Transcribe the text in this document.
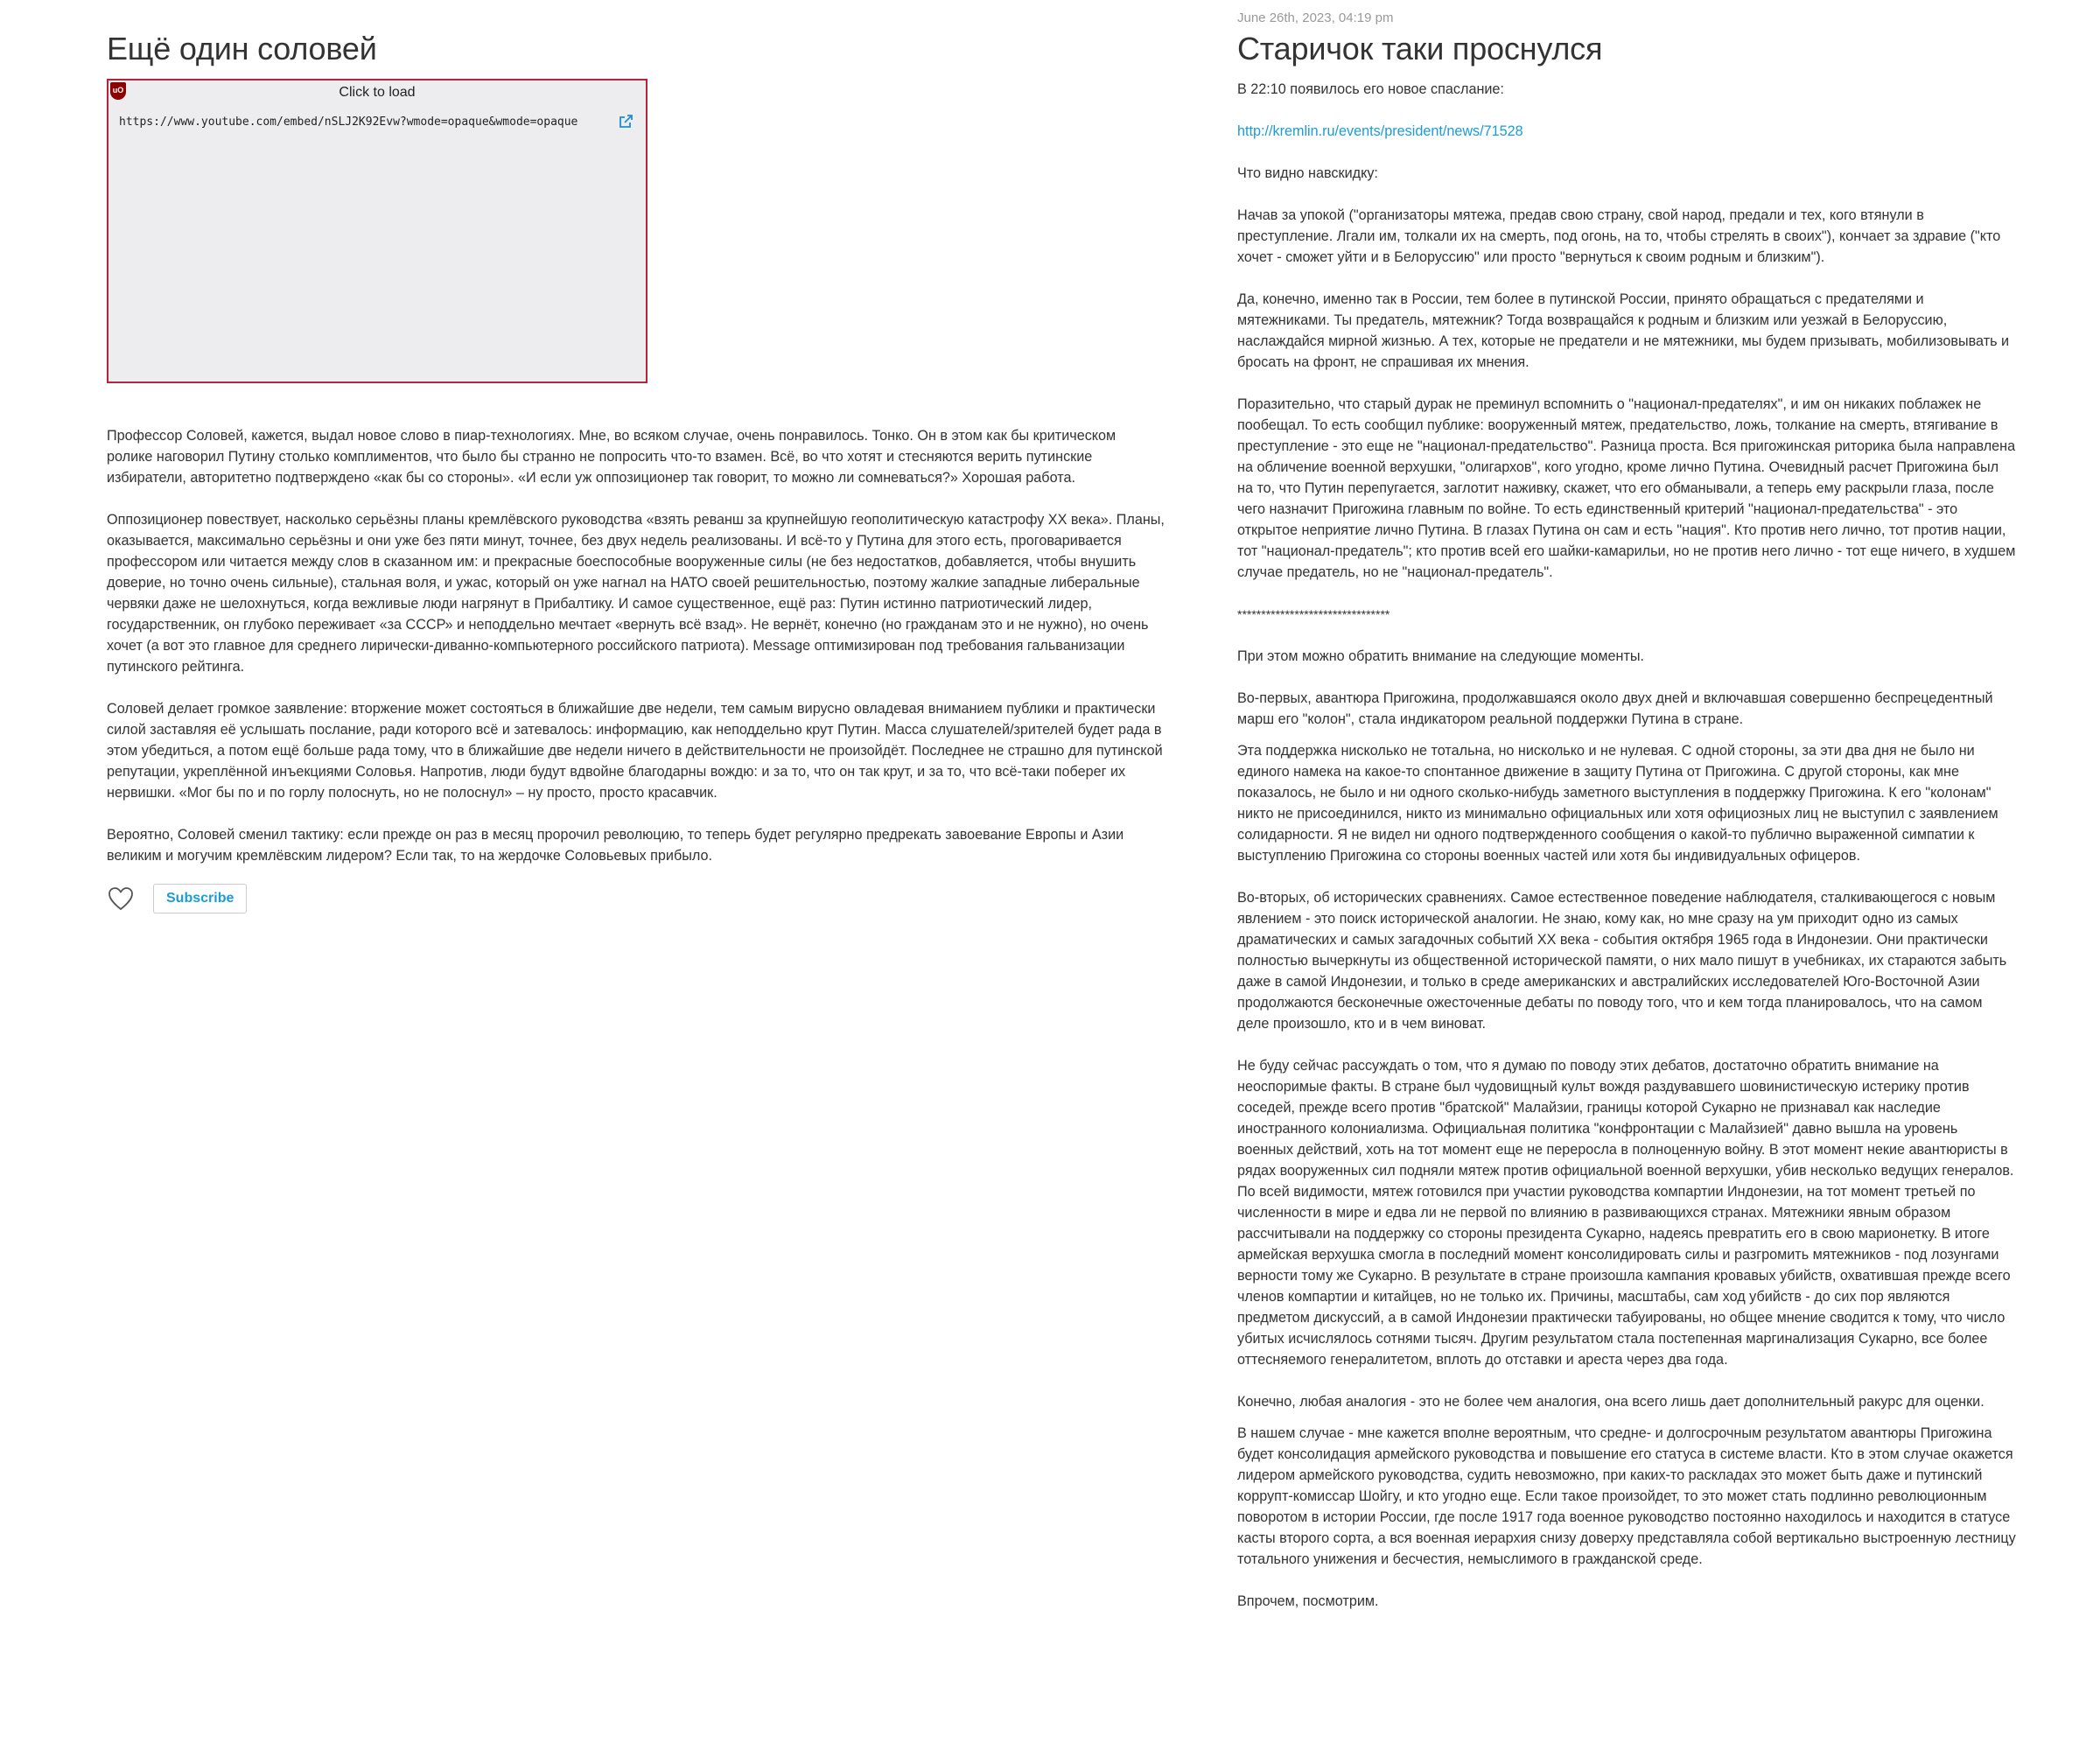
Ещё один соловей
uO	Click to load
https://www.youtube.com/embed/nSLJ2K92Evw?wmode=opaque&wmode=opaque

Профессор Соловей, кажется, выдал новое слово в пиар-технологиях. Мне, во всяком случае, очень понравилось. Тонко. Он в этом как бы критическом ролике наговорил Путину столько комплиментов, что было бы странно не попросить что-то взамен. Всё, во что хотят и стесняются верить путинские избиратели, авторитетно подтверждено «как бы со стороны». «И если уж оппозиционер так говорит, то можно ли сомневаться?» Хорошая работа.

Оппозиционер повествует, насколько серьёзны планы кремлёвского руководства «взять реванш за крупнейшую геополитическую катастрофу XX века». Планы, оказывается, максимально серьёзны и они уже без пяти минут, точнее, без двух недель реализованы. И всё-то у Путина для этого есть, проговаривается профессором или читается между слов в сказанном им: и прекрасные боеспособные вооруженные силы (не без недостатков, добавляется, чтобы внушить доверие, но точно очень сильные), стальная воля, и ужас, который он уже нагнал на НАТО своей решительностью, поэтому жалкие западные либеральные червяки даже не шелохнуться, когда вежливые люди нагрянут в Прибалтику. И самое существенное, ещё раз: Путин истинно патриотический лидер, государственник, он глубоко переживает «за СССР» и неподдельно мечтает «вернуть всё взад». Не вернёт, конечно (но гражданам это и не нужно), но очень хочет (а вот это главное для среднего лирически-диванно-компьютерного российского патриота). Message оптимизирован под требования гальванизации путинского рейтинга.

Соловей делает громкое заявление: вторжение может состояться в ближайшие две недели, тем самым вирусно овладевая вниманием публики и практически силой заставляя её услышать послание, ради которого всё и затевалось: информацию, как неподдельно крут Путин. Масса слушателей/зрителей будет рада в этом убедиться, а потом ещё больше рада тому, что в ближайшие две недели ничего в действительности не произойдёт. Последнее не страшно для путинской репутации, укреплённой инъекциями Соловья. Напротив, люди будут вдвойне благодарны вождю: и за то, что он так крут, и за то, что всё-таки поберег их нервишки. «Мог бы по и по горлу полоснуть, но не полоснул» – ну просто, просто красавчик.

Вероятно, Соловей сменил тактику: если прежде он раз в месяц пророчил революцию, то теперь будет регулярно предрекать завоевание Европы и Азии великим и могучим кремлёвским лидером? Если так, то на жердочке Соловьевых прибыло.

Subscribe
June 26th, 2023, 04:19 pm
Старичок таки проснулся

В 22:10 появилось его новое спаслание:

http://kremlin.ru/events/president/news/71528

Что видно навскидку:

Начав за упокой ("организаторы мятежа, предав свою страну, свой народ, предали и тех, кого втянули в преступление. Лгали им, толкали их на смерть, под огонь, на то, чтобы стрелять в своих"), кончает за здравие ("кто хочет - сможет уйти и в Белоруссию" или просто "вернуться к своим родным и близким").

Да, конечно, именно так в России, тем более в путинской России, принято обращаться с предателями и мятежниками. Ты предатель, мятежник? Тогда возвращайся к родным и близким или уезжай в Белоруссию, наслаждайся мирной жизнью. А тех, которые не предатели и не мятежники, мы будем призывать, мобилизовывать и бросать на фронт, не спрашивая их мнения.

Поразительно, что старый дурак не преминул вспомнить о "национал-предателях", и им он никаких поблажек не пообещал. То есть сообщил публике: вооруженный мятеж, предательство, ложь, толкание на смерть, втягивание в преступление - это еще не "национал-предательство". Разница проста. Вся пригожинская риторика была направлена на обличение военной верхушки, "олигархов", кого угодно, кроме лично Путина. Очевидный расчет Пригожина был на то, что Путин перепугается, заглотит наживку, скажет, что его обманывали, а теперь ему раскрыли глаза, после чего назначит Пригожина главным по войне. То есть единственный критерий "национал-предательства" - это открытое неприятие лично Путина. В глазах Путина он сам и есть "нация". Кто против него лично, тот против нации, тот "национал-предатель"; кто против всей его шайки-камарильи, но не против него лично - тот еще ничего, в худшем случае предатель, но не "национал-предатель".

********************************

При этом можно обратить внимание на следующие моменты.

Во-первых, авантюра Пригожина, продолжавшаяся около двух дней и включавшая совершенно беспрецедентный марш его "колон", стала индикатором реальной поддержки Путина в стране.

Эта поддержка нисколько не тотальна, но нисколько и не нулевая. С одной стороны, за эти два дня не было ни единого намека на какое-то спонтанное движение в защиту Путина от Пригожина. С другой стороны, как мне показалось, не было и ни одного сколько-нибудь заметного выступления в поддержку Пригожина. К его "колонам" никто не присоединился, никто из минимально официальных или хотя официозных лиц не выступил с заявлением солидарности. Я не видел ни одного подтвержденного сообщения о какой-то публично выраженной симпатии к выступлению Пригожина со стороны военных частей или хотя бы индивидуальных офицеров.

Во-вторых, об исторических сравнениях. Самое естественное поведение наблюдателя, сталкивающегося с новым явлением - это поиск исторической аналогии. Не знаю, кому как, но мне сразу на ум приходит одно из самых драматических и самых загадочных событий XX века - события октября 1965 года в Индонезии. Они практически полностью вычеркнуты из общественной исторической памяти, о них мало пишут в учебниках, их стараются забыть даже в самой Индонезии, и только в среде американских и австралийских исследователей Юго-Восточной Азии продолжаются бесконечные ожесточенные дебаты по поводу того, что и кем тогда планировалось, что на самом деле произошло, кто и в чем виноват.

Не буду сейчас рассуждать о том, что я думаю по поводу этих дебатов, достаточно обратить внимание на неоспоримые факты. В стране был чудовищный культ вождя раздувавшего шовинистическую истерику против соседей, прежде всего против "братской" Малайзии, границы которой Сукарно не признавал как наследие иностранного колониализма. Официальная политика "конфронтации с Малайзией" давно вышла на уровень военных действий, хоть на тот момент еще не переросла в полноценную войну. В этот момент некие авантюристы в рядах вооруженных сил подняли мятеж против официальной военной верхушки, убив несколько ведущих генералов. По всей видимости, мятеж готовился при участии руководства компартии Индонезии, на тот момент третьей по численности в мире и едва ли не первой по влиянию в развивающихся странах. Мятежники явным образом рассчитывали на поддержку со стороны президента Сукарно, надеясь превратить его в свою марионетку. В итоге армейская верхушка смогла в последний момент консолидировать силы и разгромить мятежников - под лозунгами верности тому же Сукарно. В результате в стране произошла кампания кровавых убийств, охватившая прежде всего членов компартии и китайцев, но не только их. Причины, масштабы, сам ход убийств - до сих пор являются предметом дискуссий, а в самой Индонезии практически табуированы, но общее мнение сводится к тому, что число убитых исчислялось сотнями тысяч. Другим результатом стала постепенная маргинализация Сукарно, все более оттесняемого генералитетом, вплоть до отставки и ареста через два года.

Конечно, любая аналогия - это не более чем аналогия, она всего лишь дает дополнительный ракурс для оценки.

В нашем случае - мне кажется вполне вероятным, что средне- и долгосрочным результатом авантюры Пригожина будет консолидация армейского руководства и повышение его статуса в системе власти. Кто в этом случае окажется лидером армейского руководства, судить невозможно, при каких-то раскладах это может быть даже и путинский коррупт-комиссар Шойгу, и кто угодно еще. Если такое произойдет, то это может стать подлинно революционным поворотом в истории России, где после 1917 года военное руководство постоянно находилось и находится в статусе касты второго сорта, а вся военная иерархия снизу доверху представляла собой вертикально выстроенную лестницу тотального унижения и бесчестия, немыслимого в гражданской среде.

Впрочем, посмотрим.
